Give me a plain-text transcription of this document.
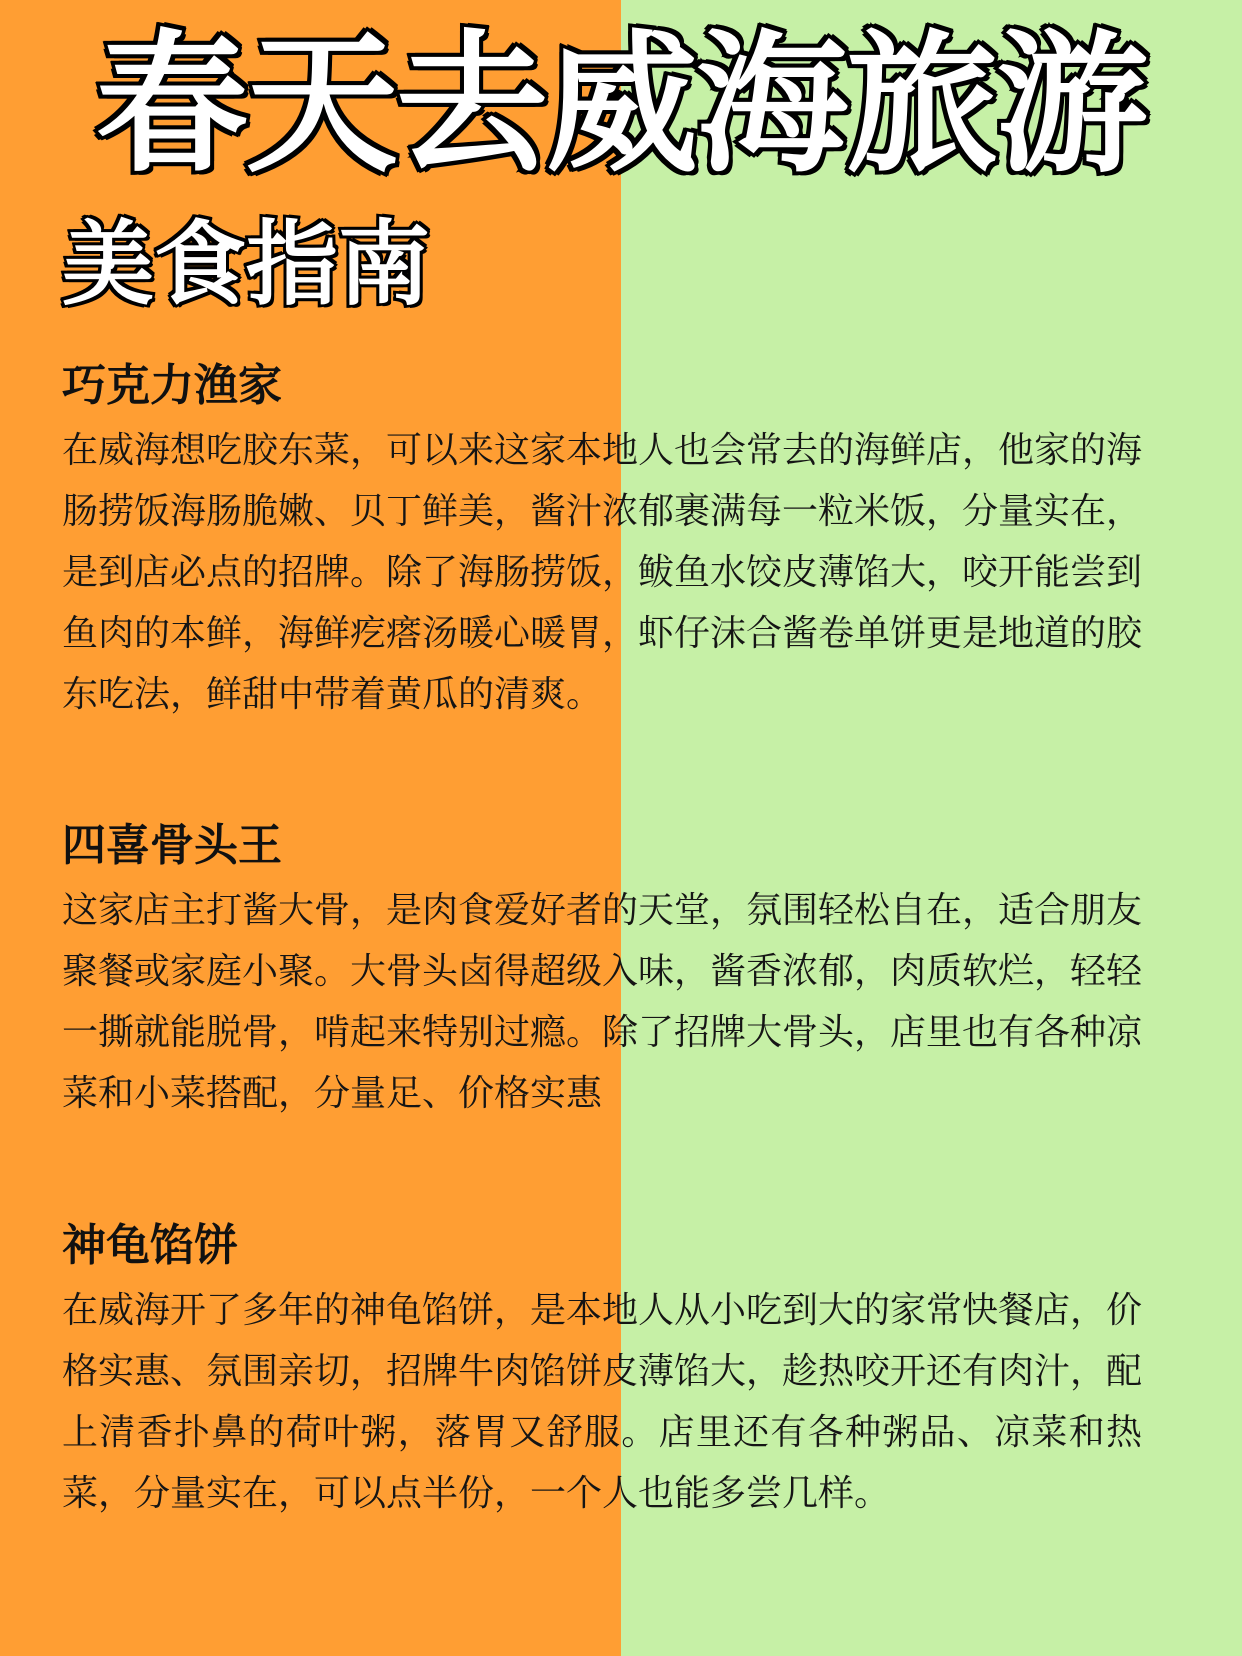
春天去威海旅游
美食指南
巧克力渔家

在威海想吃胶东菜，可以来这家本地人也会常去的海鲜店，他家的海肠捞饭海肠脆嫩、贝丁鲜美，酱汁浓郁裹满每一粒米饭，分量实在，是到店必点的招牌。除了海肠捞饭，鲅鱼水饺皮薄馅大，咬开能尝到鱼肉的本鲜，海鲜疙瘩汤暖心暖胃，虾仔沫合酱卷单饼更是地道的胶东吃法，鲜甜中带着黄瓜的清爽。

四喜骨头王

这家店主打酱大骨，是肉食爱好者的天堂，氛围轻松自在，适合朋友聚餐或家庭小聚。大骨头卤得超级入味，酱香浓郁，肉质软烂，轻轻一撕就能脱骨，啃起来特别过瘾。除了招牌大骨头，店里也有各种凉菜和小菜搭配，分量足、价格实惠

神龟馅饼

在威海开了多年的神龟馅饼，是本地人从小吃到大的家常快餐店，价格实惠、氛围亲切，招牌牛肉馅饼皮薄馅大，趁热咬开还有肉汁，配上清香扑鼻的荷叶粥，落胃又舒服。店里还有各种粥品、凉菜和热菜，分量实在，可以点半份，一个人也能多尝几样。
